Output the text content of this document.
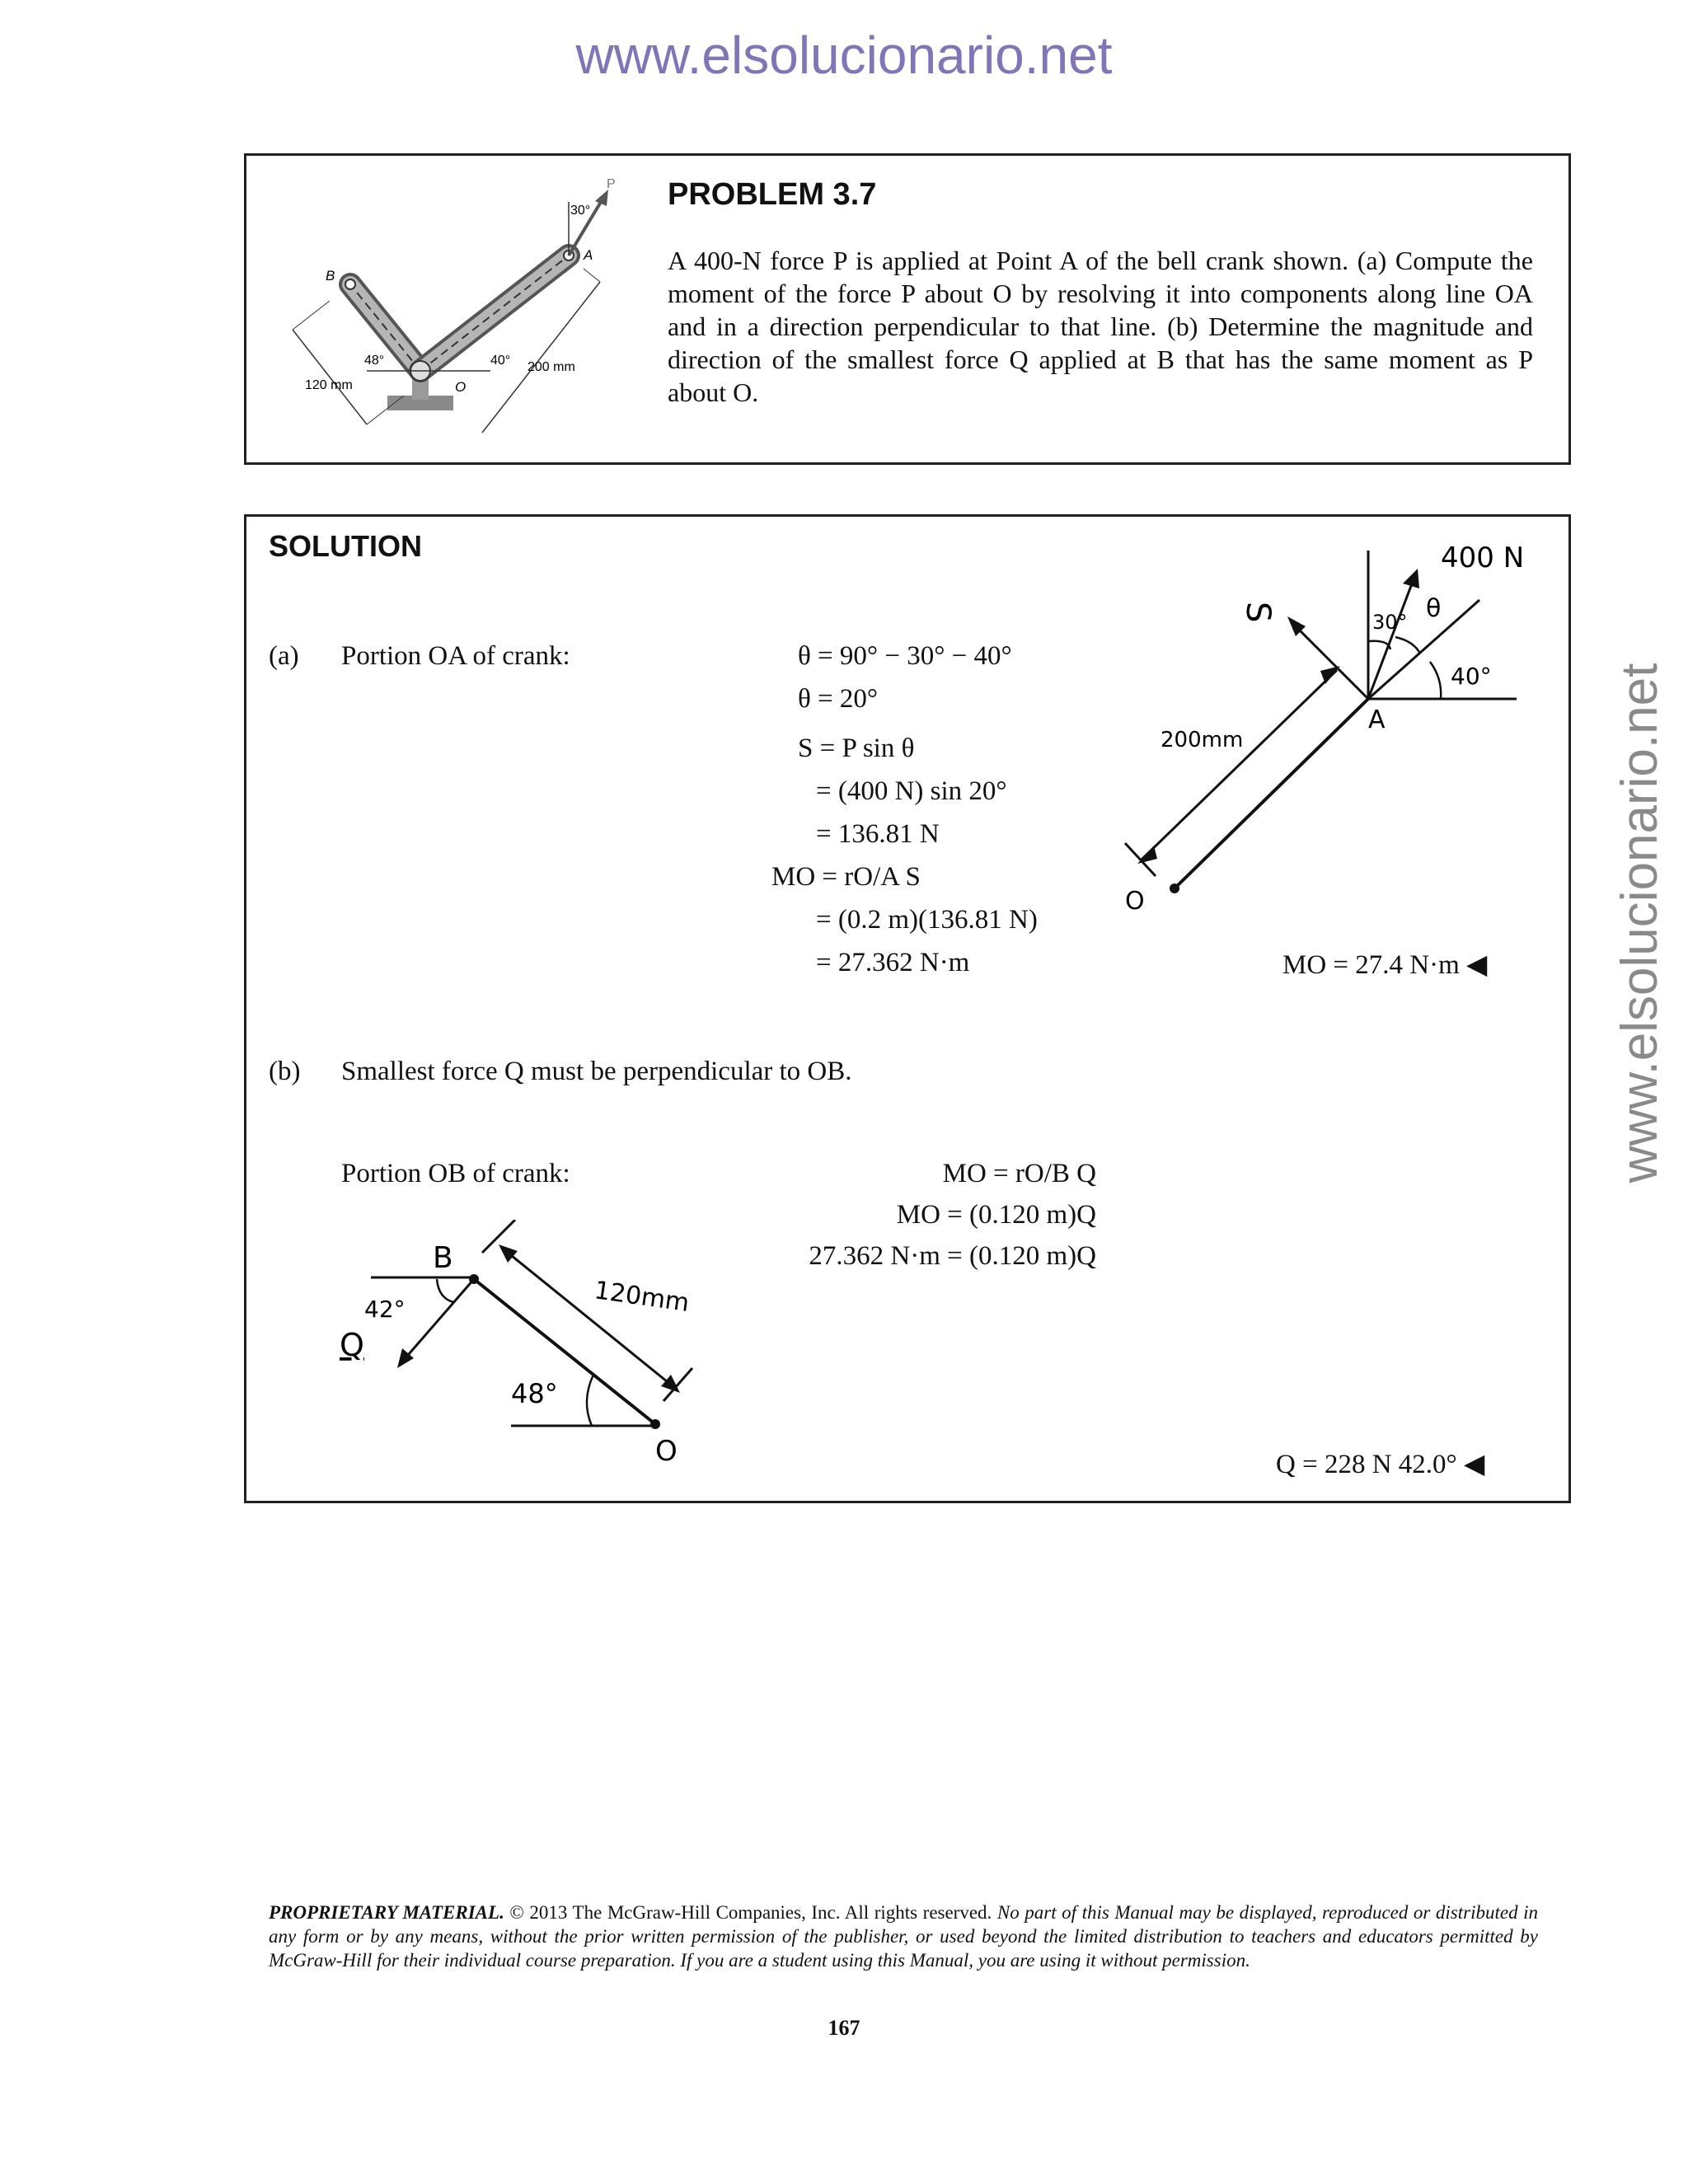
www.elsolucionario.net
www.elsolucionario.net
P
30°
A
B
O
48°	40°
120 mm
200 mm
PROBLEM 3.7
A 400-N force P is applied at Point A of the bell crank shown. (a) Compute the moment of the force P about O by resolving it into components along line OA and in a direction perpendicular to that line. (b) Determine the magnitude and direction of the smallest force Q applied at B that has the same moment as P about O.
SOLUTION
(a) Portion OA of crank:	θ = 90° − 30° − 40°
θ = 20°
S = P sin θ
= (400 N) sin 20°
= 136.81 N
MO = rO/A S
= (0.2 m)(136.81 N)
= 27.362 N·m	MO = 27.4 N·m ◀
400 N
S	30° θ
40°
A
200mm
O
(b) Smallest force Q must be perpendicular to OB.
Portion OB of crank:	MO = rO/B Q
MO = (0.120 m)Q
27.362 N·m = (0.120 m)Q
Q = 228 N 42.0° ◀
B
42°
Q
120mm
48°
O
PROPRIETARY MATERIAL. © 2013 The McGraw-Hill Companies, Inc. All rights reserved. No part of this Manual may be displayed, reproduced or distributed in any form or by any means, without the prior written permission of the publisher, or used beyond the limited distribution to teachers and educators permitted by McGraw-Hill for their individual course preparation. If you are a student using this Manual, you are using it without permission.
167
